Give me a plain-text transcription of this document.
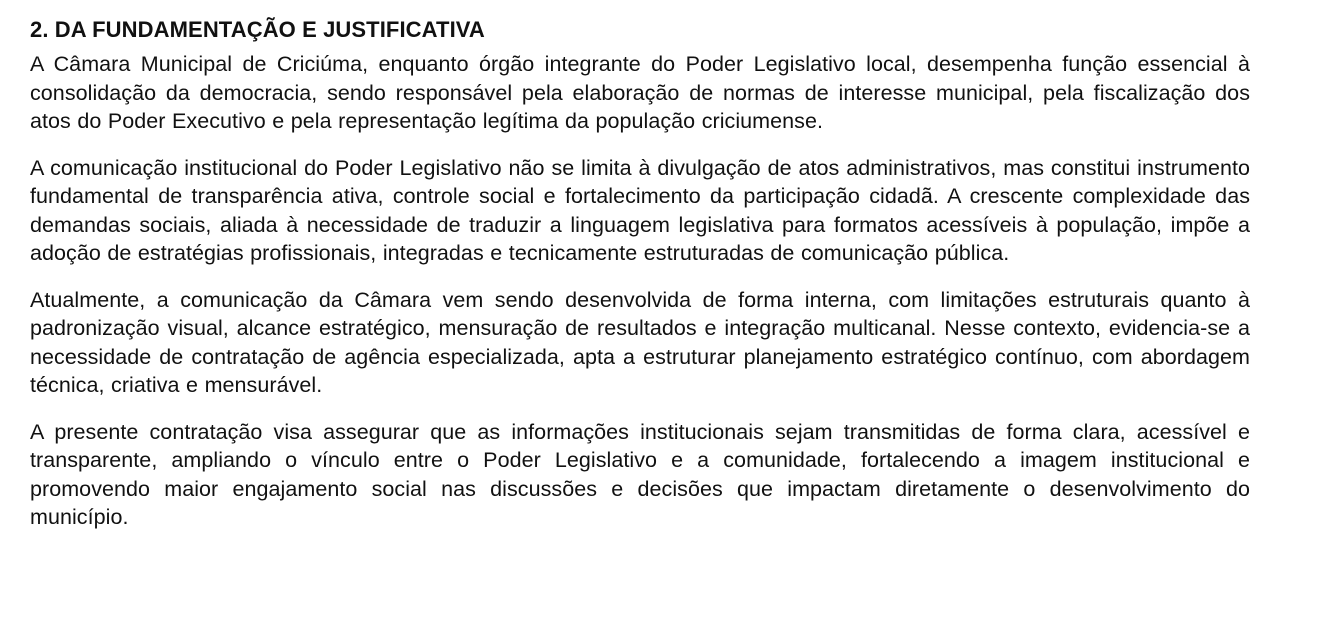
2. DA FUNDAMENTAÇÃO E JUSTIFICATIVA

A Câmara Municipal de Criciúma, enquanto órgão integrante do Poder Legislativo local, desempenha função essencial à consolidação da democracia, sendo responsável pela elaboração de normas de interesse municipal, pela fiscalização dos atos do Poder Executivo e pela representação legítima da população criciumense.

A comunicação institucional do Poder Legislativo não se limita à divulgação de atos administrativos, mas constitui instrumento fundamental de transparência ativa, controle social e fortalecimento da participação cidadã. A crescente complexidade das demandas sociais, aliada à necessidade de traduzir a linguagem legislativa para formatos acessíveis à população, impõe a adoção de estratégias profissionais, integradas e tecnicamente estruturadas de comunicação pública.

Atualmente, a comunicação da Câmara vem sendo desenvolvida de forma interna, com limitações estruturais quanto à padronização visual, alcance estratégico, mensuração de resultados e integração multicanal. Nesse contexto, evidencia-se a necessidade de contratação de agência especializada, apta a estruturar planejamento estratégico contínuo, com abordagem técnica, criativa e mensurável.

A presente contratação visa assegurar que as informações institucionais sejam transmitidas de forma clara, acessível e transparente, ampliando o vínculo entre o Poder Legislativo e a comunidade, fortalecendo a imagem institucional e promovendo maior engajamento social nas discussões e decisões que impactam diretamente o desenvolvimento do município.
